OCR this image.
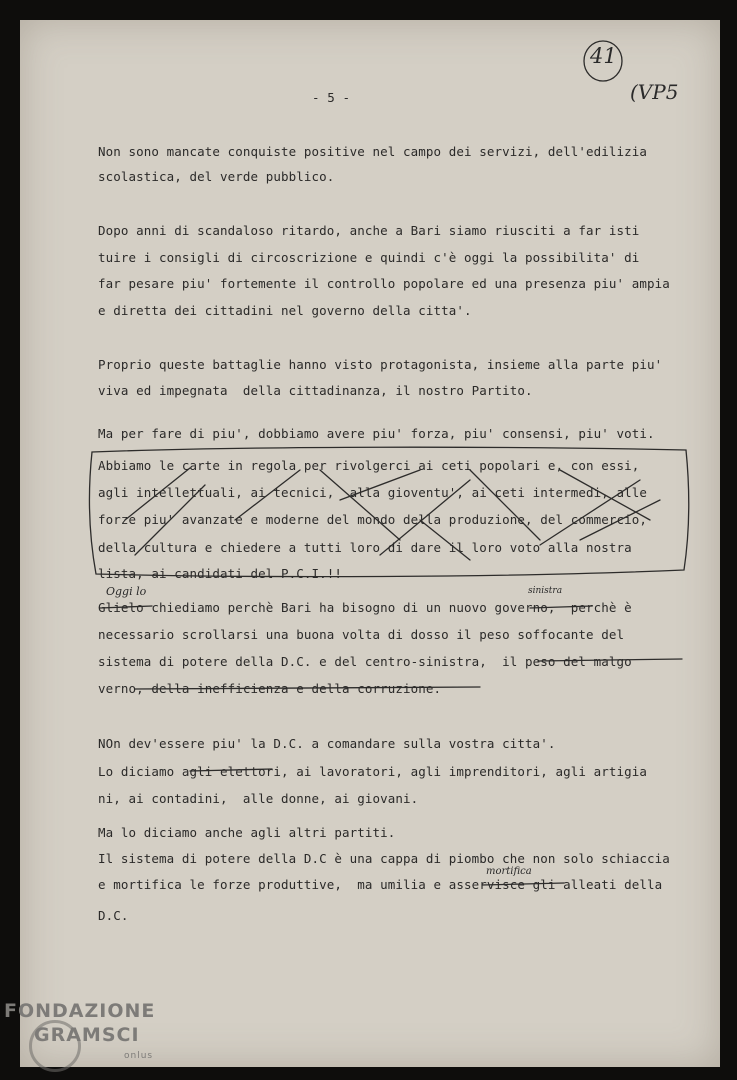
41
(VP5
- 5 -
Non sono mancate conquiste positive nel campo dei servizi, dell'edilizia
scolastica, del verde pubblico.
Dopo anni di scandaloso ritardo, anche a Bari siamo riusciti a far isti
tuire i consigli di circoscrizione e quindi c'è oggi la possibilita' di
far pesare piu' fortemente il controllo popolare ed una presenza piu' ampia
e diretta dei cittadini nel governo della citta'.
Proprio queste battaglie hanno visto protagonista, insieme alla parte piu'
viva ed impegnata  della cittadinanza, il nostro Partito.
Ma per fare di piu', dobbiamo avere piu' forza, piu' consensi, piu' voti.
Abbiamo le carte in regola per rivolgerci ai ceti popolari e, con essi,
agli intellettuali, ai tecnici,  alla gioventu', ai ceti intermedi, alle
forze piu' avanzate e moderne del mondo della produzione, del commercio,
della cultura e chiedere a tutti loro di dare il loro voto alla nostra
lista, ai candidati del P.C.I.!!
Glielo chiediamo perchè Bari ha bisogno di un nuovo governo,  perchè è
necessario scrollarsi una buona volta di dosso il peso soffocante del
sistema di potere della D.C. e del centro-sinistra,  il peso del malgo
verno, della inefficienza e della corruzione.
NOn dev'essere piu' la D.C. a comandare sulla vostra citta'.
Lo diciamo agli elettori, ai lavoratori, agli imprenditori, agli artigia
ni, ai contadini,  alle donne, ai giovani.
Ma lo diciamo anche agli altri partiti.
Il sistema di potere della D.C è una cappa di piombo che non solo schiaccia
e mortifica le forze produttive,  ma umilia e asservisce gli alleati della
D.C.
Oggi lo	sinistra
mortifica
FONDAZIONE
GRAMSCI
onlus
